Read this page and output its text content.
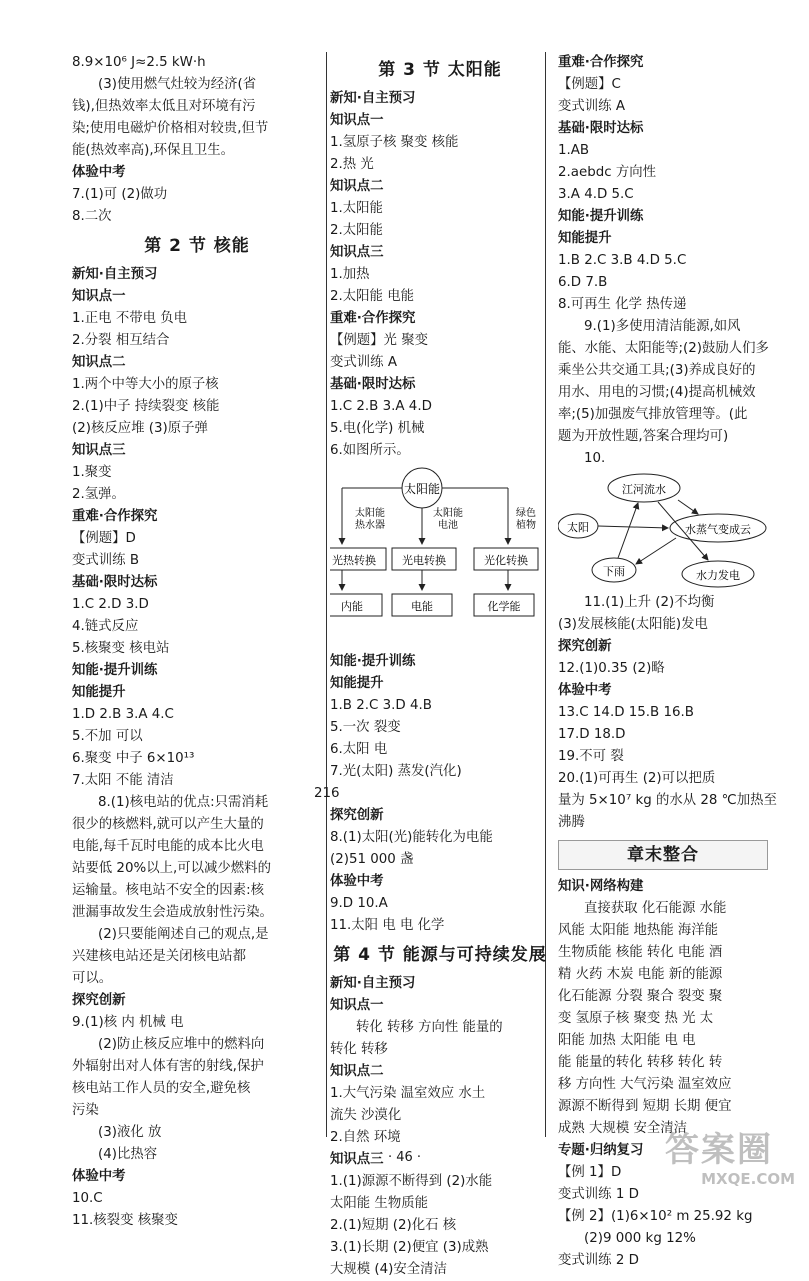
8.9×10⁶ J≈2.5 kW·h
(3)使用燃气灶较为经济(省
钱),但热效率太低且对环境有污
染;使用电磁炉价格相对较贵,但节
能(热效率高),环保且卫生。
体验中考
7.(1)可 (2)做功
8.二次
第 2 节 核能
新知·自主预习
知识点一
1.正电 不带电 负电
2.分裂 相互结合
知识点二
1.两个中等大小的原子核
2.(1)中子 持续裂变 核能
(2)核反应堆 (3)原子弹
知识点三
1.聚变
2.氢弹。
重难·合作探究
【例题】D
变式训练 B
基础·限时达标
1.C 2.D 3.D
4.链式反应
5.核聚变 核电站
知能·提升训练
知能提升
1.D 2.B 3.A 4.C
5.不加 可以
6.聚变 中子 6×10¹³
7.太阳 不能 清洁
8.(1)核电站的优点:只需消耗
很少的核燃料,就可以产生大量的
电能,每千瓦时电能的成本比火电
站要低 20%以上,可以减少燃料的
运输量。核电站不安全的因素:核
泄漏事故发生会造成放射性污染。
(2)只要能阐述自己的观点,是
兴建核电站还是关闭核电站都
可以。
探究创新
9.(1)核 内 机械 电
(2)防止核反应堆中的燃料向
外辐射出对人体有害的射线,保护
核电站工作人员的安全,避免核
污染
(3)液化 放
(4)比热容
体验中考
10.C
11.核裂变 核聚变
第 3 节 太阳能
新知·自主预习
知识点一
1.氢原子核 聚变 核能
2.热 光
知识点二
1.太阳能
2.太阳能
知识点三
1.加热
2.太阳能 电能
重难·合作探究
【例题】光 聚变
变式训练 A
基础·限时达标
1.C 2.B 3.A 4.D
5.电(化学) 机械
6.如图所示。
太阳能
太阳能
热水器
太阳能
电池
绿色
植物
光热转换 光电转换	光化转换
内能	电能	化学能
知能·提升训练
知能提升
1.B 2.C 3.D 4.B
5.一次 裂变
6.太阳 电
7.光(太阳) 蒸发(汽化)
216
探究创新
8.(1)太阳(光)能转化为电能
(2)51 000 盏
体验中考
9.D 10.A
11.太阳 电 电 化学
第 4 节 能源与可持续发展
新知·自主预习
知识点一
转化 转移 方向性 能量的
转化 转移
知识点二
1.大气污染 温室效应 水土
流失 沙漠化
2.自然 环境
知识点三
1.(1)源源不断得到 (2)水能
太阳能 生物质能
2.(1)短期 (2)化石 核
3.(1)长期 (2)便宜 (3)成熟
大规模 (4)安全清洁
重难·合作探究
【例题】C
变式训练 A
基础·限时达标
1.AB
2.aebdc 方向性
3.A 4.D 5.C
知能·提升训练
知能提升
1.B 2.C 3.B 4.D 5.C
6.D 7.B
8.可再生 化学 热传递
9.(1)多使用清洁能源,如风
能、水能、太阳能等;(2)鼓励人们多
乘坐公共交通工具;(3)养成良好的
用水、用电的习惯;(4)提高机械效
率;(5)加强废气排放管理等。(此
题为开放性题,答案合理均可)
10.
江河流水
太阳	水蒸气变成云
下雨	水力发电
11.(1)上升 (2)不均衡
(3)发展核能(太阳能)发电
探究创新
12.(1)0.35 (2)略
体验中考
13.C 14.D 15.B 16.B
17.D 18.D
19.不可 裂
20.(1)可再生 (2)可以把质
量为 5×10⁷ kg 的水从 28 ℃加热至
沸腾
章末整合
知识·网络构建
直接获取 化石能源 水能
风能 太阳能 地热能 海洋能
生物质能 核能 转化 电能 酒
精 火药 木炭 电能 新的能源
化石能源 分裂 聚合 裂变 聚
变 氢原子核 聚变 热 光 太
阳能 加热 太阳能 电 电
能 能量的转化 转移 转化 转
移 方向性 大气污染 温室效应
源源不断得到 短期 长期 便宜
成熟 大规模 安全清洁
专题·归纳复习
【例 1】D
变式训练 1 D
【例 2】(1)6×10² m 25.92 kg
(2)9 000 kg 12%
变式训练 2 D
· 46 ·	答案圈
MXQE.COM
